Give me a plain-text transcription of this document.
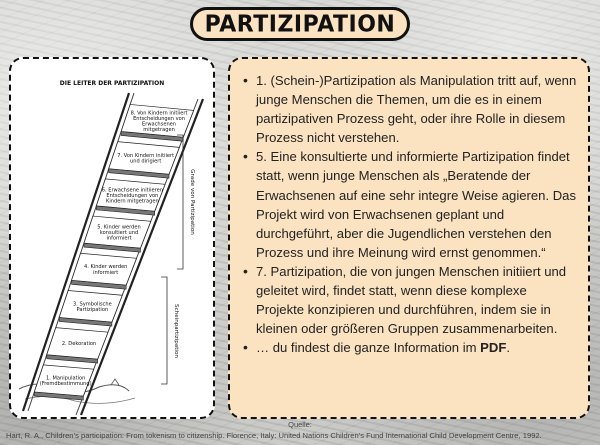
PARTIZIPATION
DIE LEITER DER PARTIZIPATION
1. Manipulation
(Fremdbestimmung)
2. Dekoration
3. Symbolische
Partizipation
4. Kinder werden
informiert
5. Kinder werden
konsultiert und
informiert
6. Erwachsene initiieren
Entscheidungen von
Kindern mitgetragen
7. Von Kindern initiiert
und dirigiert
8. Von Kindern initiiert
Entscheidungen von
Erwachsenen
mitgetragen
Grade von Partizipation
Scheinpartizipation
• 1. (Schein-)Partizipation als Manipulation tritt auf, wenn junge Menschen die Themen, um die es in einem partizipativen Prozess geht, oder ihre Rolle in diesem Prozess nicht verstehen.
• 5. Eine konsultierte und informierte Partizipation findet statt, wenn junge Menschen als „Beratende der Erwachsenen auf eine sehr integre Weise agieren. Das Projekt wird von Erwachsenen geplant und durchgeführt, aber die Jugendlichen verstehen den Prozess und ihre Meinung wird ernst genommen.“
• 7. Partizipation, die von jungen Menschen initiiert und geleitet wird, findet statt, wenn diese komplexe Projekte konzipieren und durchführen, indem sie in kleinen oder größeren Gruppen zusammenarbeiten.
• … du findest die ganze Information im PDF.
Quelle:
Hart, R. A., Children’s participation: From tokenism to citizenship. Florence, Italy: United Nations Children’s Fund International Child Development Centre, 1992.
